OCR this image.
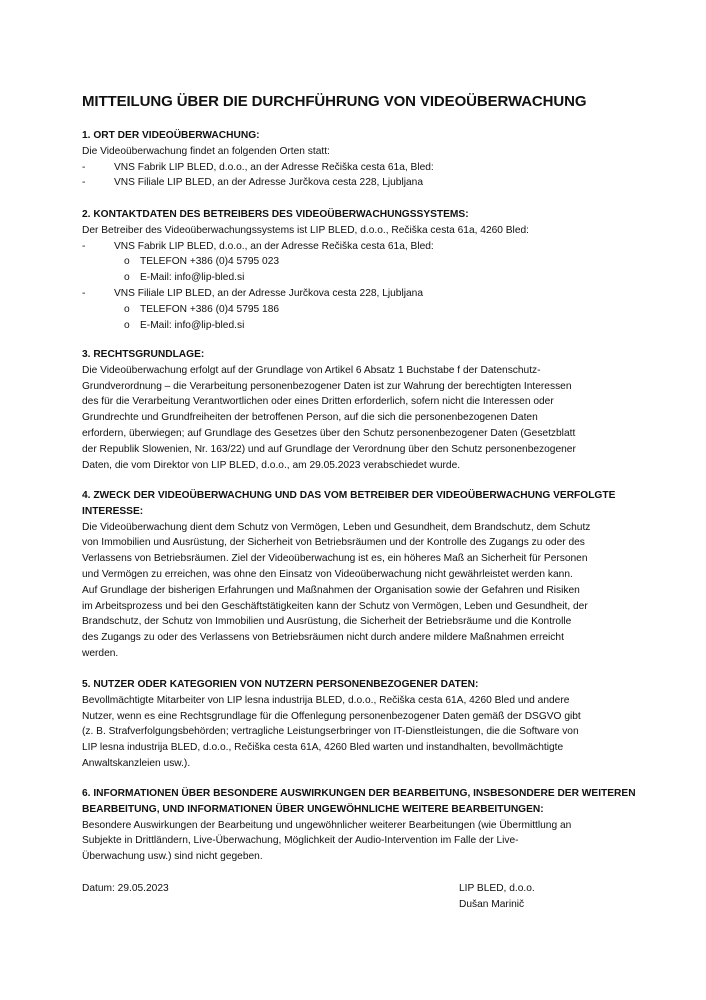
MITTEILUNG ÜBER DIE DURCHFÜHRUNG VON VIDEOÜBERWACHUNG
1. ORT DER VIDEOÜBERWACHUNG:

Die Videoüberwachung findet an folgenden Orten statt:

-	VNS Fabrik LIP BLED, d.o.o., an der Adresse Rečiška cesta 61a, Bled:
-	VNS Filiale LIP BLED, an der Adresse Jurčkova cesta 228, Ljubljana
2. KONTAKTDATEN DES BETREIBERS DES VIDEOÜBERWACHUNGSSYSTEMS:

Der Betreiber des Videoüberwachungssystems ist LIP BLED, d.o.o., Rečiška cesta 61a, 4260 Bled:

-	VNS Fabrik LIP BLED, d.o.o., an der Adresse Rečiška cesta 61a, Bled:
o TELEFON +386 (0)4 5795 023
o E-Mail: info@lip-bled.si
-	VNS Filiale LIP BLED, an der Adresse Jurčkova cesta 228, Ljubljana
o TELEFON +386 (0)4 5795 186
o E-Mail: info@lip-bled.si
3. RECHTSGRUNDLAGE:

Die Videoüberwachung erfolgt auf der Grundlage von Artikel 6 Absatz 1 Buchstabe f der Datenschutz-

Grundverordnung – die Verarbeitung personenbezogener Daten ist zur Wahrung der berechtigten Interessen

des für die Verarbeitung Verantwortlichen oder eines Dritten erforderlich, sofern nicht die Interessen oder

Grundrechte und Grundfreiheiten der betroffenen Person, auf die sich die personenbezogenen Daten

erfordern, überwiegen; auf Grundlage des Gesetzes über den Schutz personenbezogener Daten (Gesetzblatt

der Republik Slowenien, Nr. 163/22) und auf Grundlage der Verordnung über den Schutz personenbezogener

Daten, die vom Direktor von LIP BLED, d.o.o., am 29.05.2023 verabschiedet wurde.

4. ZWECK DER VIDEOÜBERWACHUNG UND DAS VOM BETREIBER DER VIDEOÜBERWACHUNG VERFOLGTE
INTERESSE:

Die Videoüberwachung dient dem Schutz von Vermögen, Leben und Gesundheit, dem Brandschutz, dem Schutz

von Immobilien und Ausrüstung, der Sicherheit von Betriebsräumen und der Kontrolle des Zugangs zu oder des

Verlassens von Betriebsräumen. Ziel der Videoüberwachung ist es, ein höheres Maß an Sicherheit für Personen

und Vermögen zu erreichen, was ohne den Einsatz von Videoüberwachung nicht gewährleistet werden kann.

Auf Grundlage der bisherigen Erfahrungen und Maßnahmen der Organisation sowie der Gefahren und Risiken

im Arbeitsprozess und bei den Geschäftstätigkeiten kann der Schutz von Vermögen, Leben und Gesundheit, der

Brandschutz, der Schutz von Immobilien und Ausrüstung, die Sicherheit der Betriebsräume und die Kontrolle

des Zugangs zu oder des Verlassens von Betriebsräumen nicht durch andere mildere Maßnahmen erreicht

werden.

5. NUTZER ODER KATEGORIEN VON NUTZERN PERSONENBEZOGENER DATEN:

Bevollmächtigte Mitarbeiter von LIP lesna industrija BLED, d.o.o., Rečiška cesta 61A, 4260 Bled und andere

Nutzer, wenn es eine Rechtsgrundlage für die Offenlegung personenbezogener Daten gemäß der DSGVO gibt

(z. B. Strafverfolgungsbehörden; vertragliche Leistungserbringer von IT-Dienstleistungen, die die Software von

LIP lesna industrija BLED, d.o.o., Rečiška cesta 61A, 4260 Bled warten und instandhalten, bevollmächtigte

Anwaltskanzleien usw.).

6. INFORMATIONEN ÜBER BESONDERE AUSWIRKUNGEN DER BEARBEITUNG, INSBESONDERE DER WEITEREN
BEARBEITUNG, UND INFORMATIONEN ÜBER UNGEWÖHNLICHE WEITERE BEARBEITUNGEN:

Besondere Auswirkungen der Bearbeitung und ungewöhnlicher weiterer Bearbeitungen (wie Übermittlung an

Subjekte in Drittländern, Live-Überwachung, Möglichkeit der Audio-Intervention im Falle der Live-

Überwachung usw.) sind nicht gegeben.

Datum: 29.05.2023	LIP BLED, d.o.o.
Dušan Marinič
